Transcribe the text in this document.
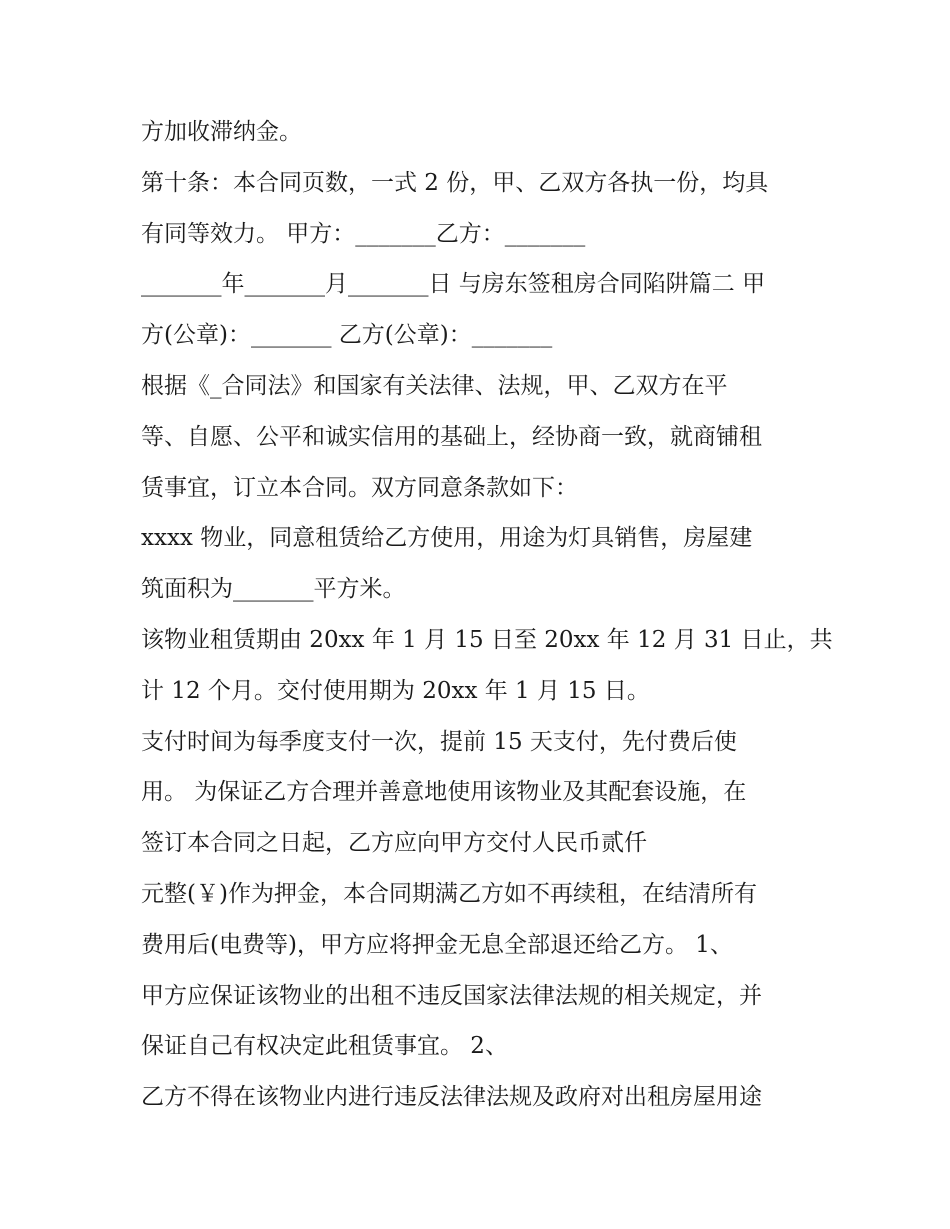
方加收滞纳金。
第十条：本合同页数，一式 2 份，甲、乙双方各执一份，均具
有同等效力。 甲方：_______乙方：_______
_______年_______月_______日 与房东签租房合同陷阱篇二 甲
方(公章)：_______ 乙方(公章)：_______
根据《_合同法》和国家有关法律、法规，甲、乙双方在平
等、自愿、公平和诚实信用的基础上，经协商一致，就商铺租
赁事宜，订立本合同。双方同意条款如下：
xxxx 物业，同意租赁给乙方使用，用途为灯具销售，房屋建
筑面积为_______平方米。
该物业租赁期由 20xx 年 1 月 15 日至 20xx 年 12 月 31 日止，共
计 12 个月。交付使用期为 20xx 年 1 月 15 日。
支付时间为每季度支付一次，提前 15 天支付，先付费后使
用。 为保证乙方合理并善意地使用该物业及其配套设施，在
签订本合同之日起，乙方应向甲方交付人民币贰仟
元整(￥)作为押金，本合同期满乙方如不再续租，在结清所有
费用后(电费等)，甲方应将押金无息全部退还给乙方。 1、
甲方应保证该物业的出租不违反国家法律法规的相关规定，并
保证自己有权决定此租赁事宜。 2、
乙方不得在该物业内进行违反法律法规及政府对出租房屋用途
